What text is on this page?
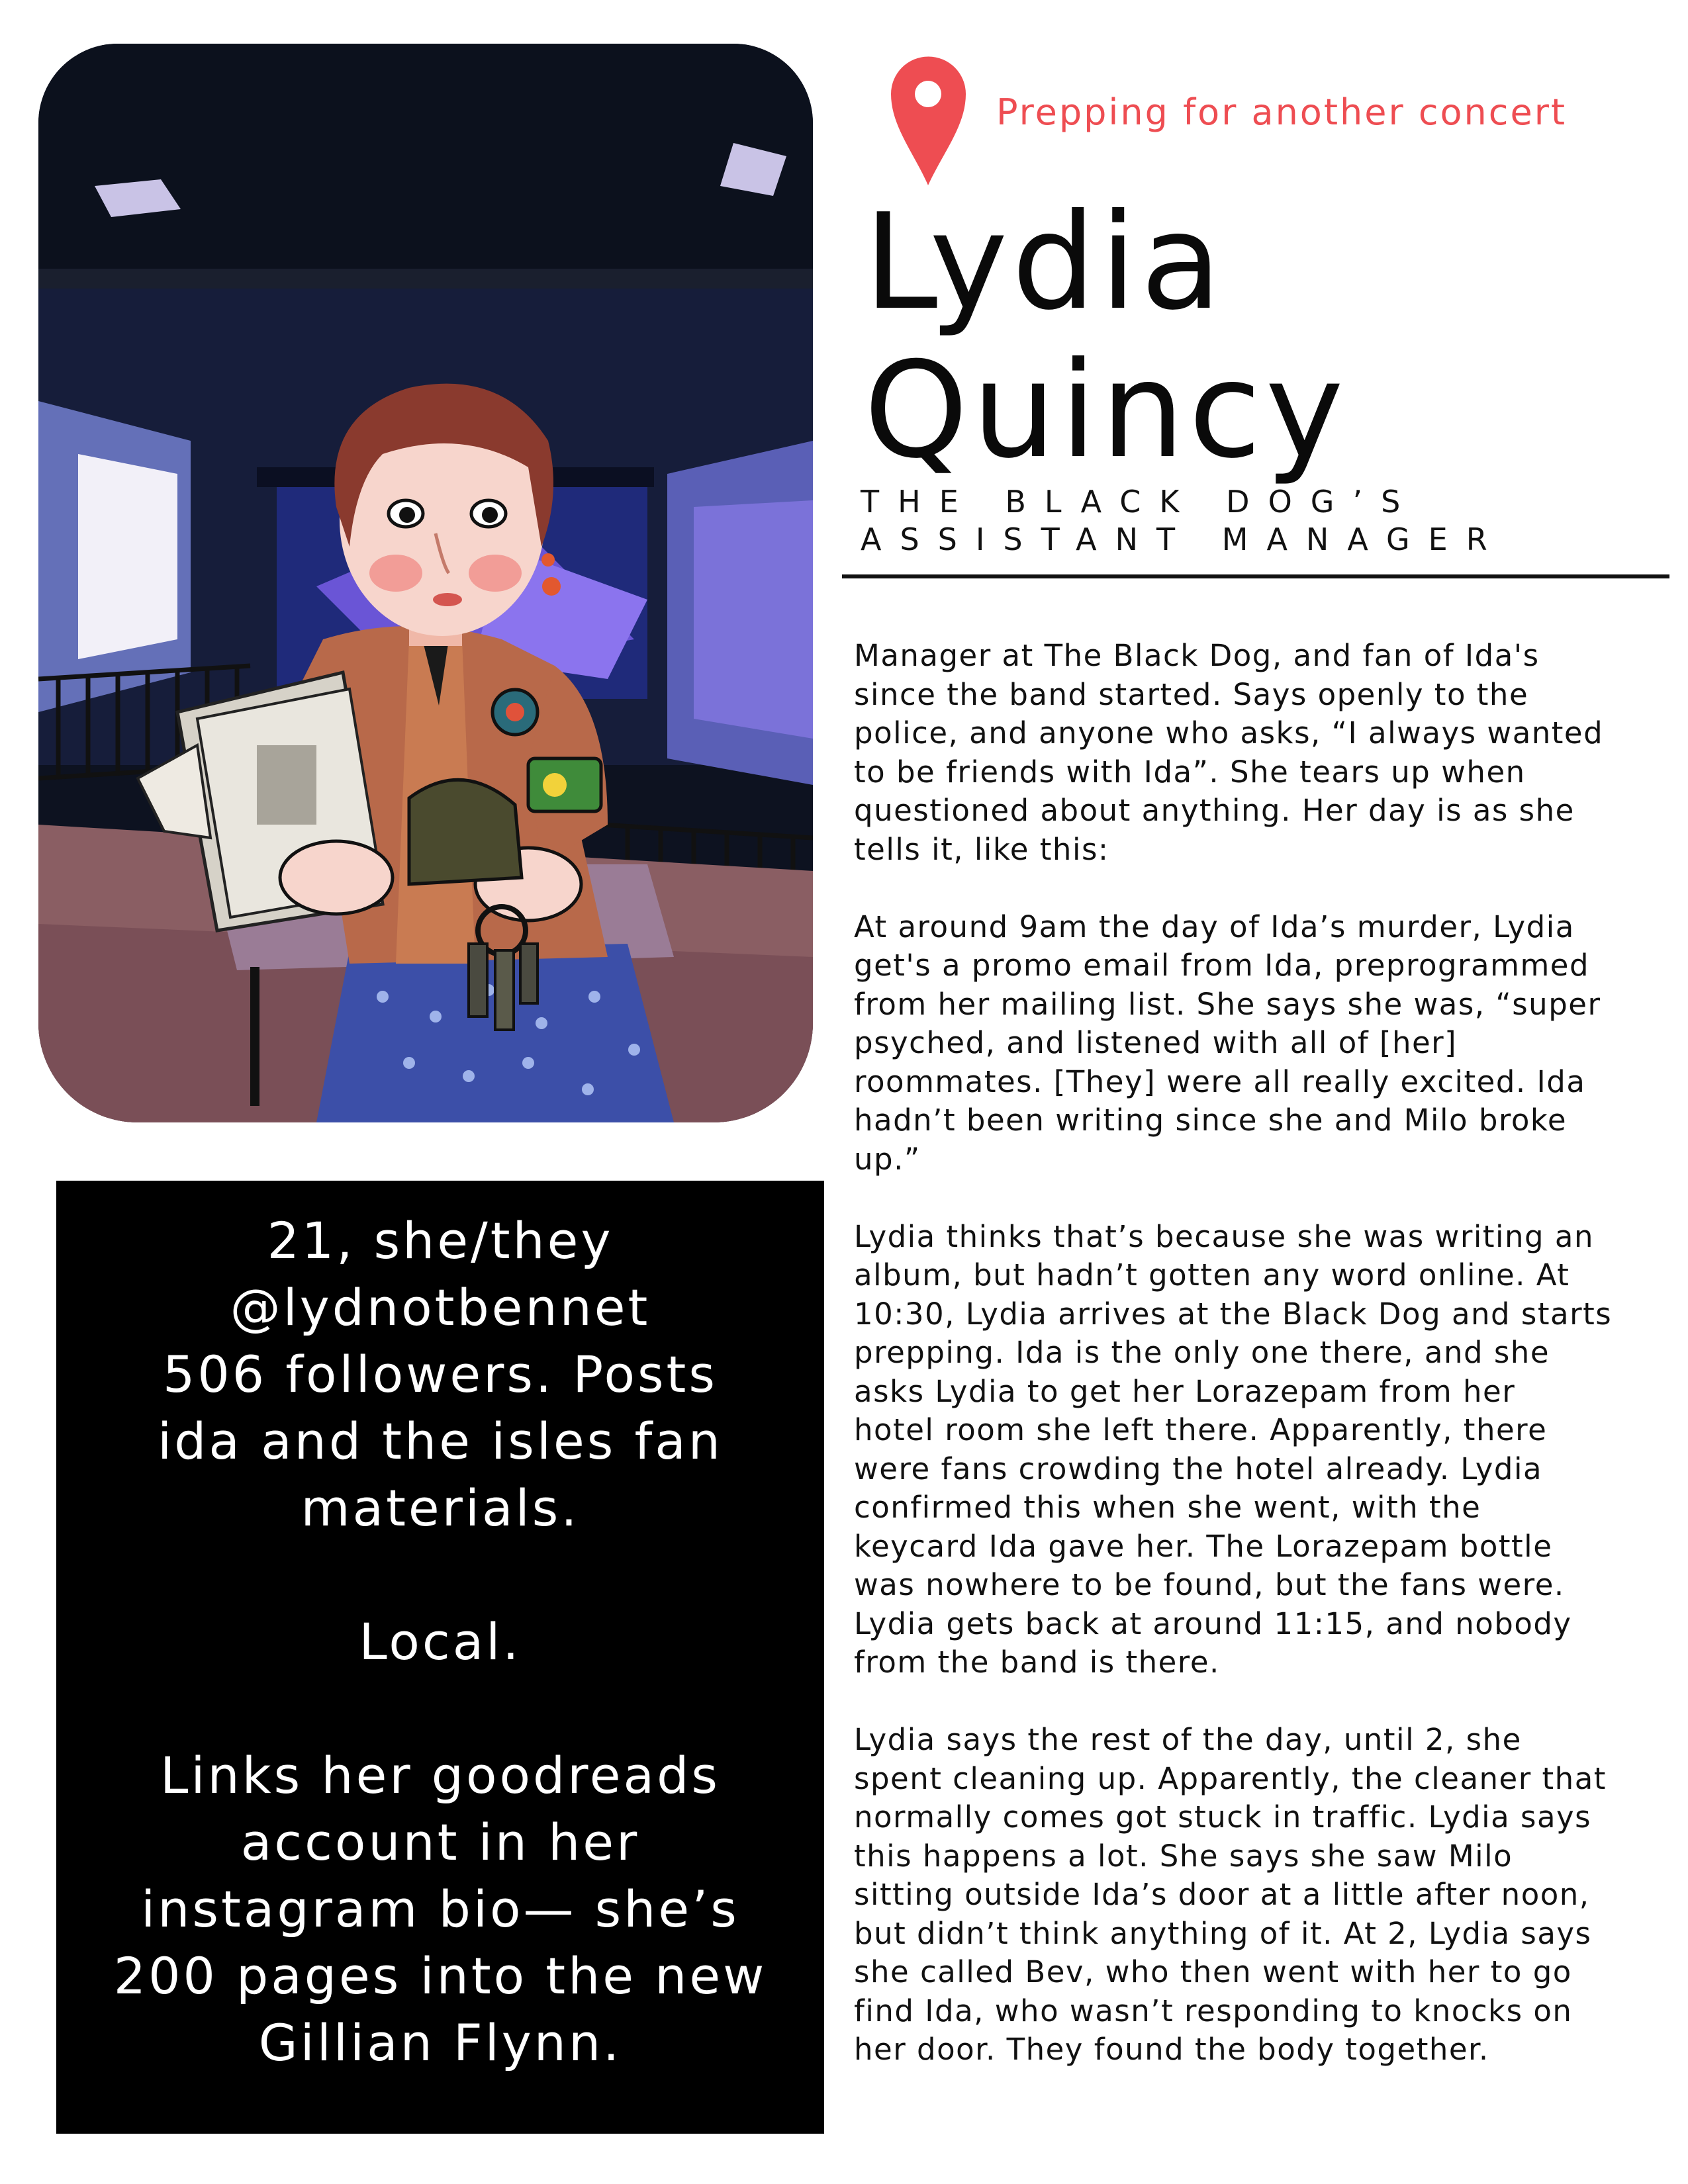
Prepping for another concert
Lydia
Quincy
THE BLACK DOG’S
ASSISTANT MANAGER

Manager at The Black Dog, and fan of Ida's
since the band started. Says openly to the
police, and anyone who asks, “I always wanted
to be friends with Ida”. She tears up when
questioned about anything. Her day is as she
tells it, like this:

At around 9am the day of Ida’s murder, Lydia
get's a promo email from Ida, preprogrammed
from her mailing list. She says she was, “super
psyched, and listened with all of [her]
roommates. [They] were all really excited. Ida
hadn’t been writing since she and Milo broke
up.”

Lydia thinks that’s because she was writing an
album, but hadn’t gotten any word online. At
10:30, Lydia arrives at the Black Dog and starts
prepping. Ida is the only one there, and she
asks Lydia to get her Lorazepam from her
hotel room she left there. Apparently, there
were fans crowding the hotel already. Lydia
confirmed this when she went, with the
keycard Ida gave her. The Lorazepam bottle
was nowhere to be found, but the fans were.
Lydia gets back at around 11:15, and nobody
from the band is there.

Lydia says the rest of the day, until 2, she
spent cleaning up. Apparently, the cleaner that
normally comes got stuck in traffic. Lydia says
this happens a lot. She says she saw Milo
sitting outside Ida’s door at a little after noon,
but didn’t think anything of it. At 2, Lydia says
she called Bev, who then went with her to go
find Ida, who wasn’t responding to knocks on
her door. They found the body together.

21, she/they
@lydnotbennet
506 followers. Posts
ida and the isles fan
materials.

Local.

Links her goodreads
account in her
instagram bio— she’s
200 pages into the new
Gillian Flynn.
